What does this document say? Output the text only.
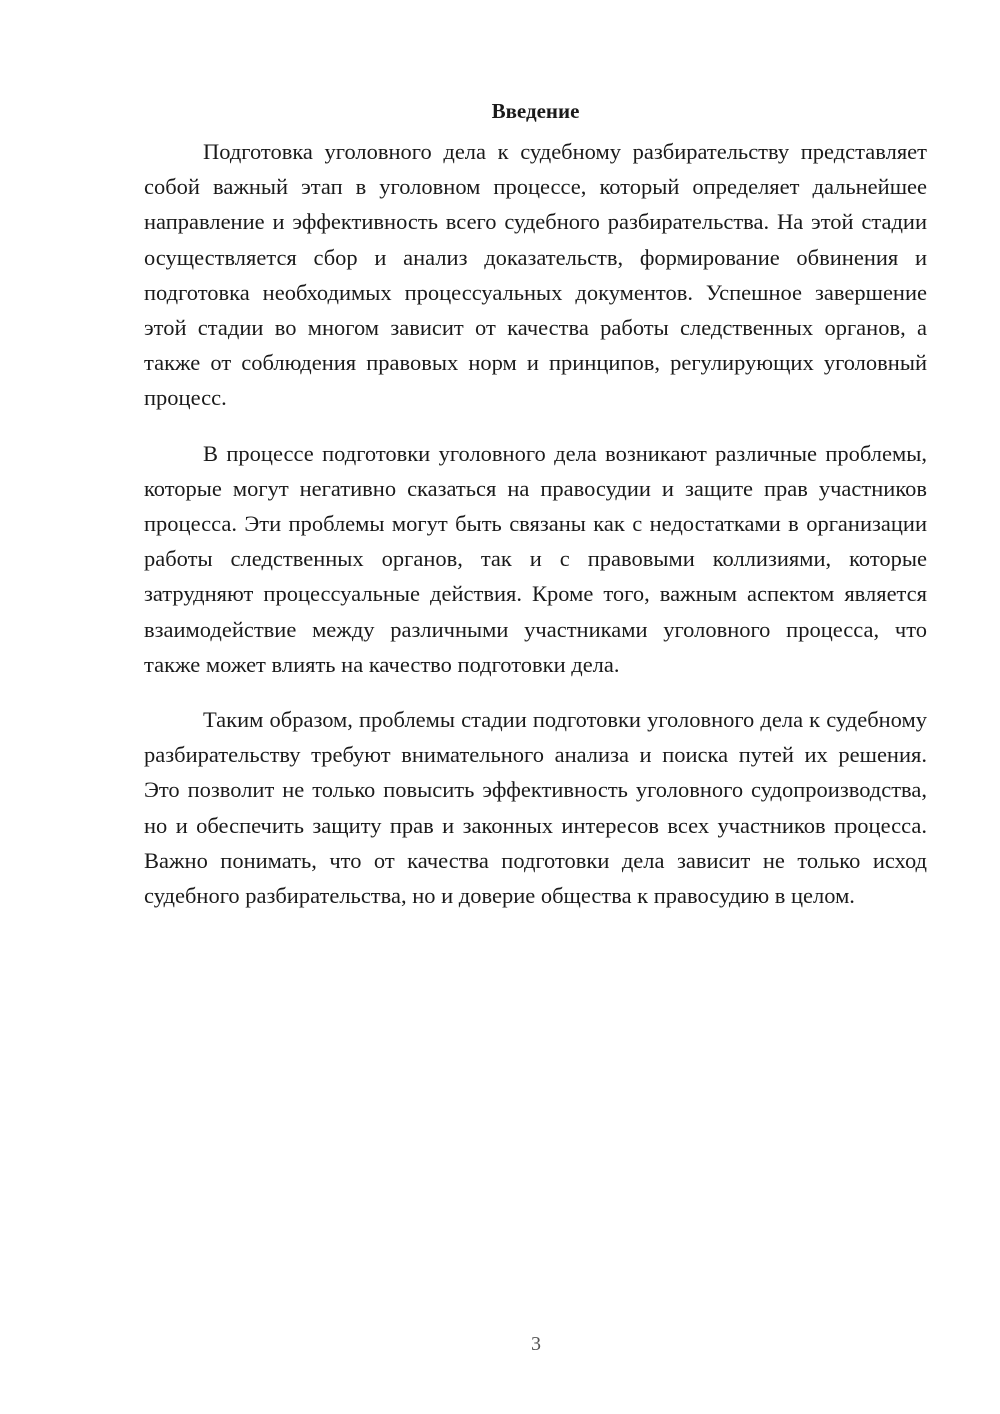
Введение

Подготовка уголовного дела к судебному разбирательству представляет собой важный этап в уголовном процессе, который определяет дальнейшее направление и эффективность всего судебного разбирательства. На этой стадии осуществляется сбор и анализ доказательств, формирование обвинения и подготовка необходимых процессуальных документов. Успешное завершение этой стадии во многом зависит от качества работы следственных органов, а также от соблюдения правовых норм и принципов, регулирующих уголовный процесс.

В процессе подготовки уголовного дела возникают различные проблемы, которые могут негативно сказаться на правосудии и защите прав участников процесса. Эти проблемы могут быть связаны как с недостатками в организации работы следственных органов, так и с правовыми коллизиями, которые затрудняют процессуальные действия. Кроме того, важным аспектом является взаимодействие между различными участниками уголовного процесса, что также может влиять на качество подготовки дела.

Таким образом, проблемы стадии подготовки уголовного дела к судебному разбирательству требуют внимательного анализа и поиска путей их решения. Это позволит не только повысить эффективность уголовного судопроизводства, но и обеспечить защиту прав и законных интересов всех участников процесса. Важно понимать, что от качества подготовки дела зависит не только исход судебного разбирательства, но и доверие общества к правосудию в целом.

3
